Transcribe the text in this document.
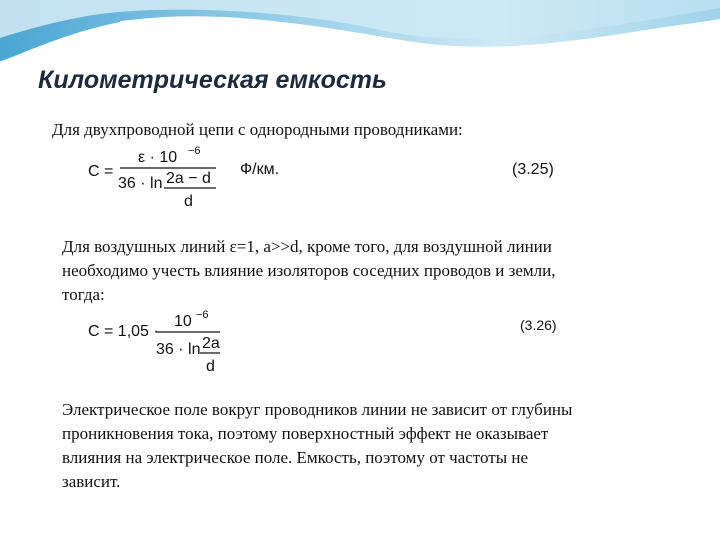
Километрическая емкость

Для двухпроводной цепи с однородными проводниками:

C =
ε · 10 −6
36 · ln 2a − d
d
Ф/км.	(3.25)

Для воздушных линий ε=1, а>>d, кроме того, для воздушной линии

необходимо учесть влияние изоляторов соседних проводов и земли,

тогда:

C = 1,05 ·
10 −6
36 · ln 2a
d
(3.26)

Электрическое поле вокруг проводников линии не зависит от глубины

проникновения тока, поэтому поверхностный эффект не оказывает

влияния на электрическое поле. Емкость, поэтому от частоты не

зависит.
